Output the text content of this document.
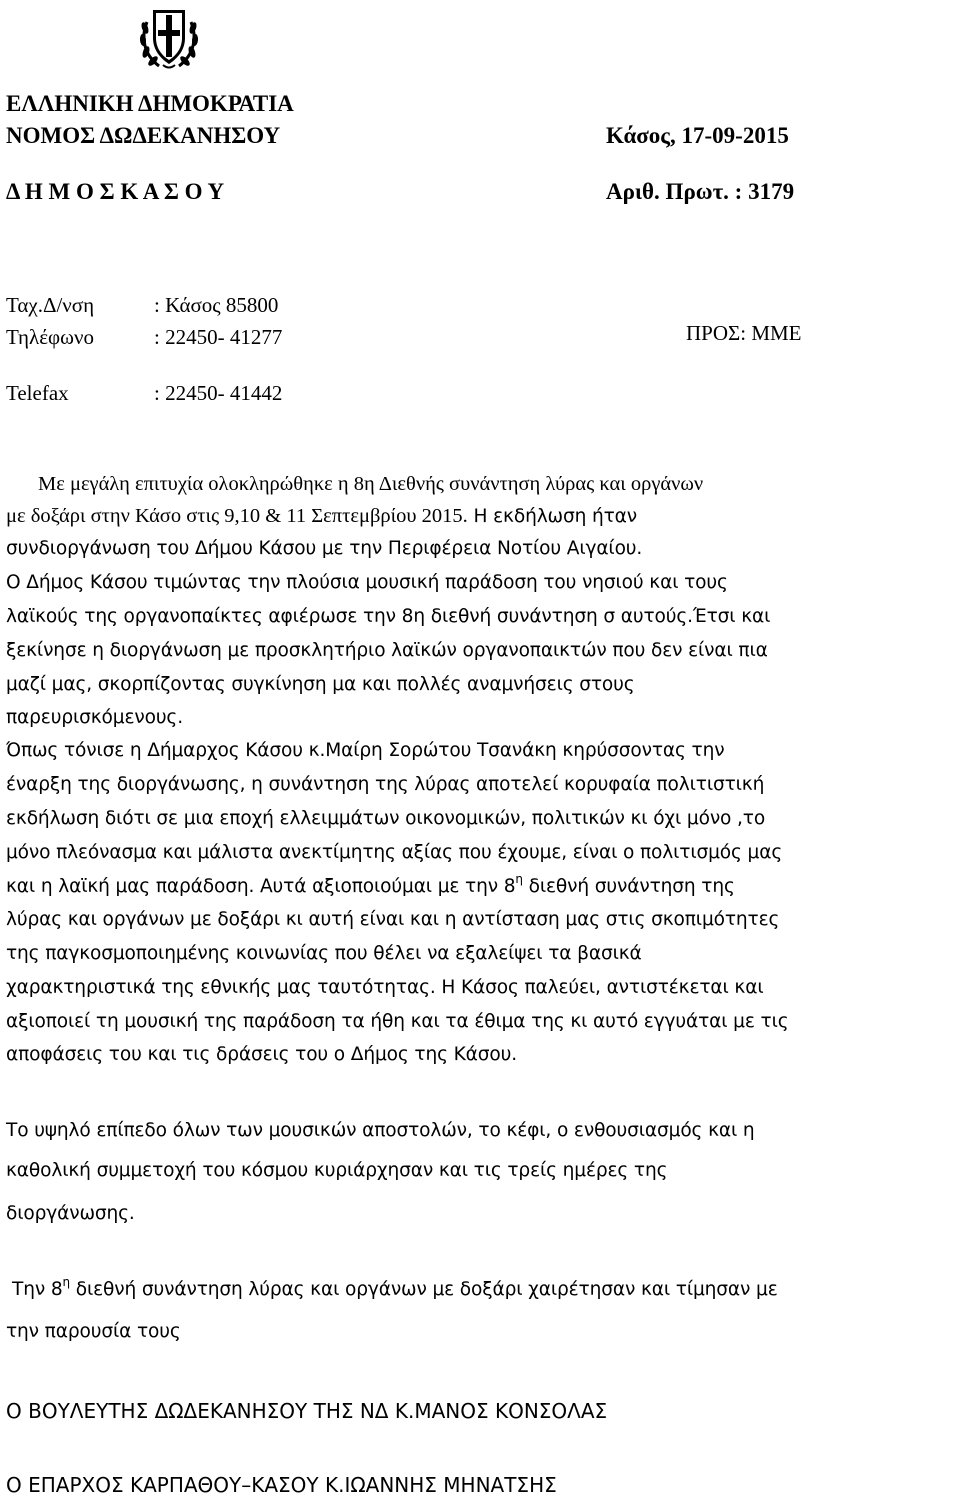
ΕΛΛΗΝΙΚΗ ΔΗΜΟΚΡΑΤΙΑ
ΝΟΜΟΣ ΔΩΔΕΚΑΝΗΣΟΥ
Δ Η Μ Ο Σ Κ Α Σ Ο Υ
Κάσος, 17-09-2015
Αριθ. Πρωτ. : 3179
Ταχ.Δ/νση	: Κάσος 85800
Τηλέφωνο	: 22450- 41277	ΠΡΟΣ: ΜΜΕ
Telefax	: 22450- 41442
Με μεγάλη επιτυχία ολοκληρώθηκε η 8η Διεθνής συνάντηση λύρας και οργάνων
με δοξάρι στην Κάσο στις 9,10 & 11 Σεπτεμβρίου 2015. Η εκδήλωση ήταν
συνδιοργάνωση του Δήμου Κάσου με την Περιφέρεια Νοτίου Αιγαίου.
Ο Δήμος Κάσου τιμώντας την πλούσια μουσική παράδοση του νησιού και τους
λαϊκούς της οργανοπαίκτες αφιέρωσε την 8η διεθνή συνάντηση σ αυτούς.Έτσι και
ξεκίνησε η διοργάνωση με προσκλητήριο λαϊκών οργανοπαικτών που δεν είναι πια
μαζί μας, σκορπίζοντας συγκίνηση μα και πολλές αναμνήσεις στους
παρευρισκόμενους.
Όπως τόνισε η Δήμαρχος Κάσου κ.Μαίρη Σορώτου Τσανάκη κηρύσσοντας την
έναρξη της διοργάνωσης, η συνάντηση της λύρας αποτελεί κορυφαία πολιτιστική
εκδήλωση διότι σε μια εποχή ελλειμμάτων οικονομικών, πολιτικών κι όχι μόνο ,το
μόνο πλεόνασμα και μάλιστα ανεκτίμητης αξίας που έχουμε, είναι ο πολιτισμός μας
και η λαϊκή μας παράδοση. Αυτά αξιοποιούμαι με την $8^\eta$ διεθνή συνάντηση της
λύρας και οργάνων με δοξάρι κι αυτή είναι και η αντίσταση μας στις σκοπιμότητες
της παγκοσμοποιημένης κοινωνίας που θέλει να εξαλείψει τα βασικά
χαρακτηριστικά της εθνικής μας ταυτότητας. Η Κάσος παλεύει, αντιστέκεται και
αξιοποιεί τη μουσική της παράδοση τα ήθη και τα έθιμα της κι αυτό εγγυάται με τις
αποφάσεις του και τις δράσεις του ο Δήμος της Κάσου.
Το υψηλό επίπεδο όλων των μουσικών αποστολών, το κέφι, ο ενθουσιασμός και η
καθολική συμμετοχή του κόσμου κυριάρχησαν και τις τρείς ημέρες της
διοργάνωσης.
Την $8^\eta$ διεθνή συνάντηση λύρας και οργάνων με δοξάρι χαιρέτησαν και τίμησαν με
την παρουσία τους
Ο ΒΟΥΛΕΥΤΗΣ ΔΩΔΕΚΑΝΗΣΟΥ ΤΗΣ ΝΔ Κ.ΜΑΝΟΣ ΚΟΝΣΟΛΑΣ
Ο ΕΠΑΡΧΟΣ ΚΑΡΠΑΘΟΥ–ΚΑΣΟΥ Κ.ΙΩΑΝΝΗΣ ΜΗΝΑΤΣΗΣ
